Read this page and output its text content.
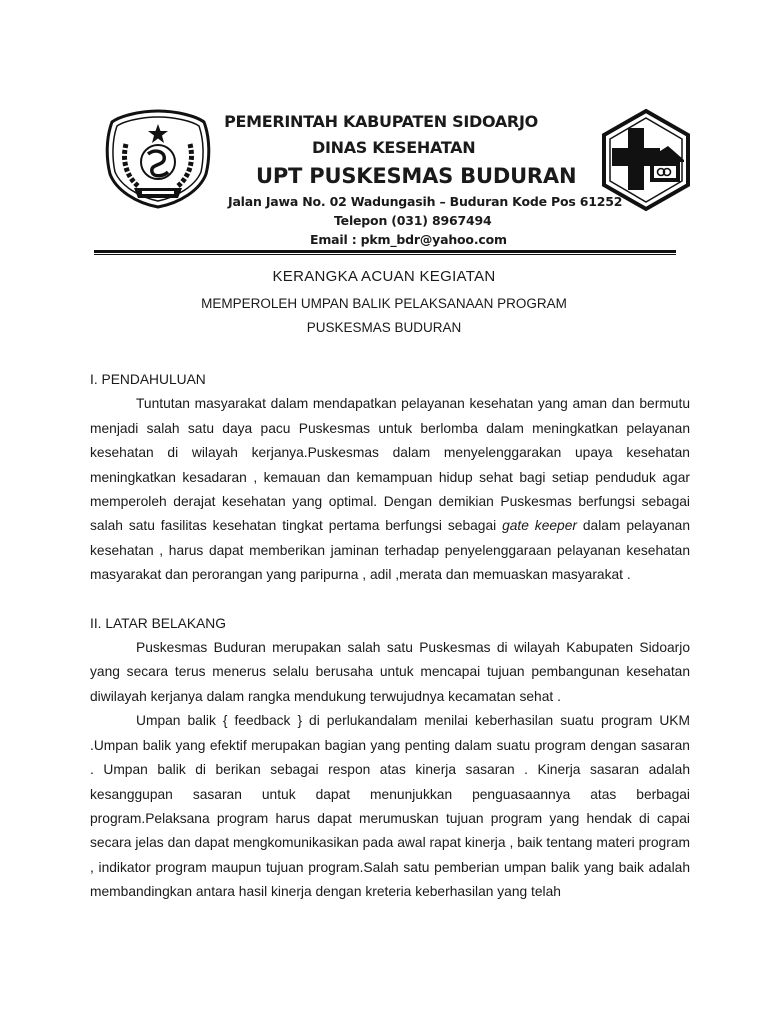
PEMERINTAH KABUPATEN SIDOARJO
DINAS KESEHATAN
UPT PUSKESMAS BUDURAN
Jalan Jawa No. 02 Wadungasih – Buduran Kode Pos 61252
Telepon (031) 8967494
Email : pkm_bdr@yahoo.com
KERANGKA ACUAN KEGIATAN
MEMPEROLEH UMPAN BALIK PELAKSANAAN PROGRAM
PUSKESMAS BUDURAN

I. PENDAHULUAN

Tuntutan masyarakat dalam mendapatkan pelayanan kesehatan yang aman dan bermutu menjadi salah satu daya pacu Puskesmas untuk berlomba dalam meningkatkan pelayanan kesehatan di wilayah kerjanya.Puskesmas dalam menyelenggarakan upaya kesehatan meningkatkan kesadaran , kemauan dan kemampuan hidup sehat bagi setiap penduduk agar memperoleh derajat kesehatan yang optimal. Dengan demikian Puskesmas berfungsi sebagai salah satu fasilitas kesehatan tingkat pertama berfungsi sebagai gate keeper dalam pelayanan kesehatan , harus dapat memberikan jaminan terhadap penyelenggaraan pelayanan kesehatan masyarakat dan perorangan yang paripurna , adil ,merata dan memuaskan masyarakat .

II. LATAR BELAKANG

Puskesmas Buduran merupakan salah satu Puskesmas di wilayah Kabupaten Sidoarjo yang secara terus menerus selalu berusaha untuk mencapai tujuan pembangunan kesehatan diwilayah kerjanya dalam rangka mendukung terwujudnya kecamatan sehat .

Umpan balik { feedback } di perlukandalam menilai keberhasilan suatu program UKM .Umpan balik yang efektif merupakan bagian yang penting dalam suatu program dengan sasaran . Umpan balik di berikan sebagai respon atas kinerja sasaran . Kinerja sasaran adalah kesanggupan sasaran untuk dapat menunjukkan penguasaannya atas berbagai program.Pelaksana program harus dapat merumuskan tujuan program yang hendak di capai secara jelas dan dapat mengkomunikasikan pada awal rapat kinerja , baik tentang materi program , indikator program maupun tujuan program.Salah satu pemberian umpan balik yang baik adalah membandingkan antara hasil kinerja dengan kreteria keberhasilan yang telah
